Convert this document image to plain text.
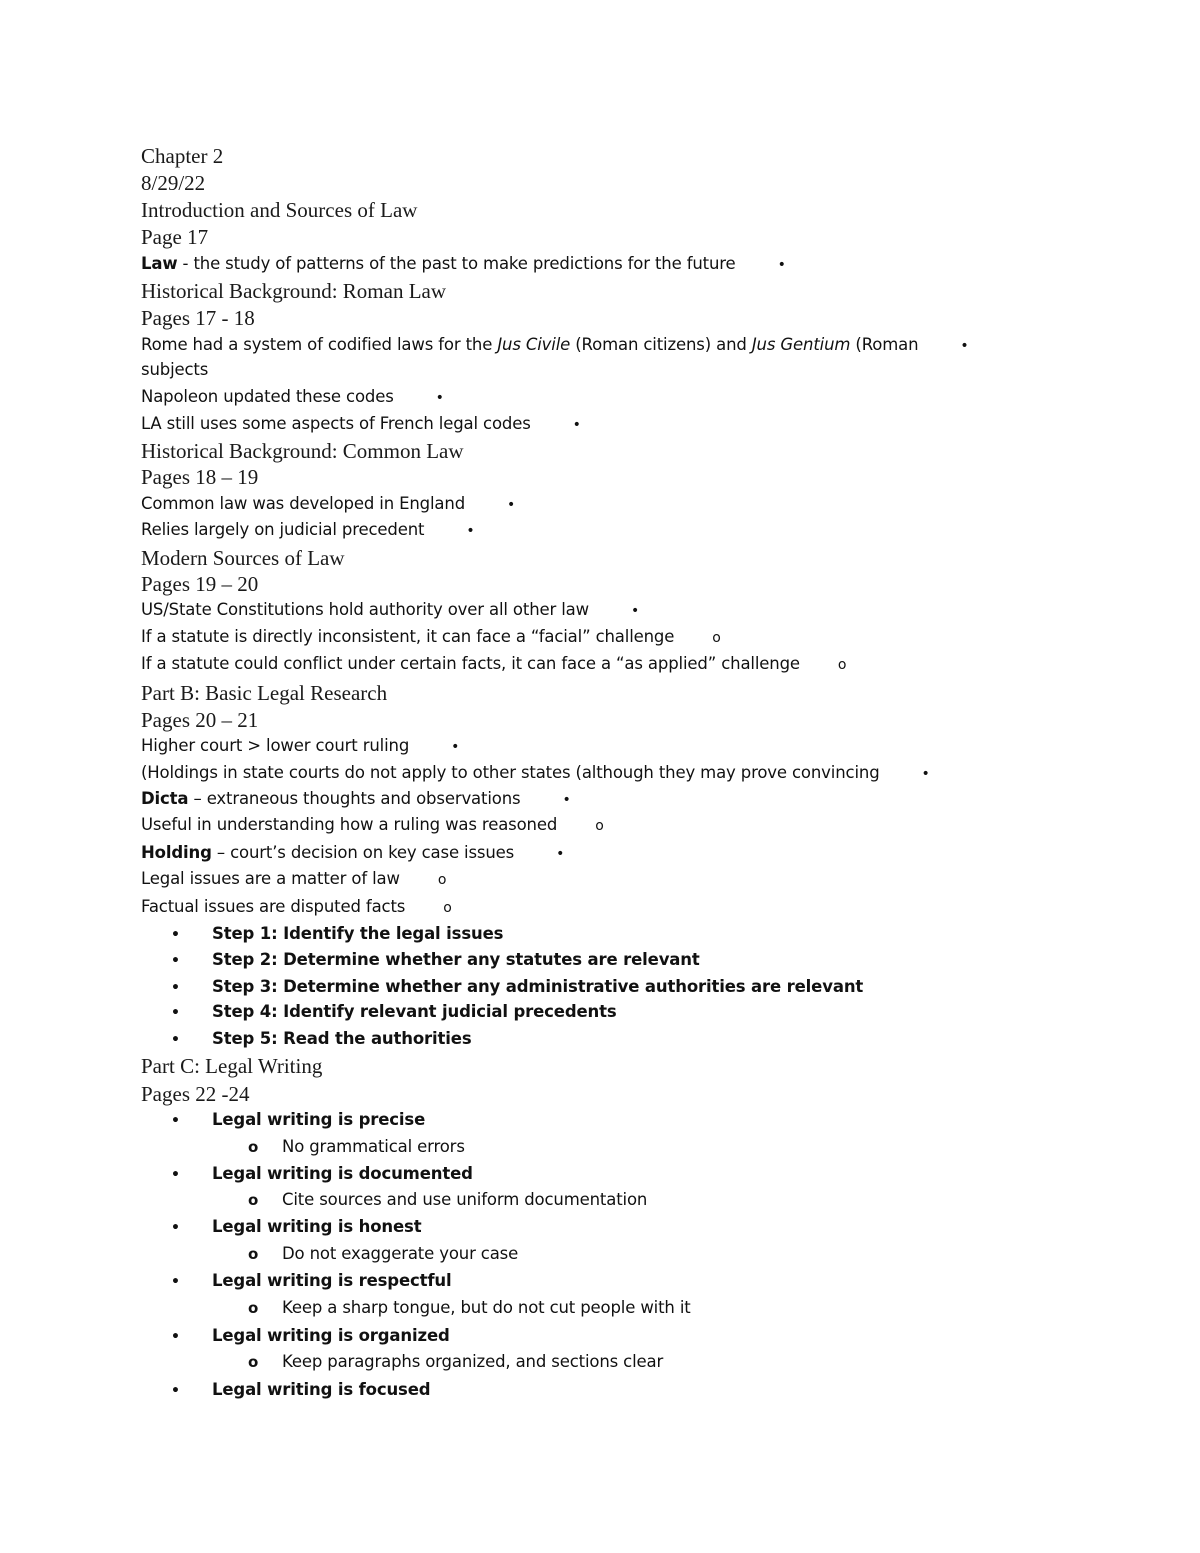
Chapter 2
8/29/22
Introduction and Sources of Law
Page 17
Law - the study of patterns of the past to make predictions for the future	•
Historical Background: Roman Law
Pages 17 - 18
Rome had a system of codified laws for the Jus Civile (Roman citizens) and Jus Gentium (Roman	•
subjects
Napoleon updated these codes	•
LA still uses some aspects of French legal codes	•
Historical Background: Common Law
Pages 18 – 19
Common law was developed in England	•
Relies largely on judicial precedent	•
Modern Sources of Law
Pages 19 – 20
US/State Constitutions hold authority over all other law	•
If a statute is directly inconsistent, it can face a “facial” challenge	o
If a statute could conflict under certain facts, it can face a “as applied” challenge	o
Part B: Basic Legal Research
Pages 20 – 21
Higher court > lower court ruling	•
(Holdings in state courts do not apply to other states (although they may prove convincing	•
Dicta – extraneous thoughts and observations	•
Useful in understanding how a ruling was reasoned	o
Holding – court’s decision on key case issues	•
Legal issues are a matter of law	o
Factual issues are disputed facts	o
• Step 1: Identify the legal issues
• Step 2: Determine whether any statutes are relevant
• Step 3: Determine whether any administrative authorities are relevant
• Step 4: Identify relevant judicial precedents
• Step 5: Read the authorities
Part C: Legal Writing
Pages 22 -24
• Legal writing is precise
o No grammatical errors
• Legal writing is documented
o Cite sources and use uniform documentation
• Legal writing is honest
o Do not exaggerate your case
• Legal writing is respectful
o Keep a sharp tongue, but do not cut people with it
• Legal writing is organized
o Keep paragraphs organized, and sections clear
• Legal writing is focused
